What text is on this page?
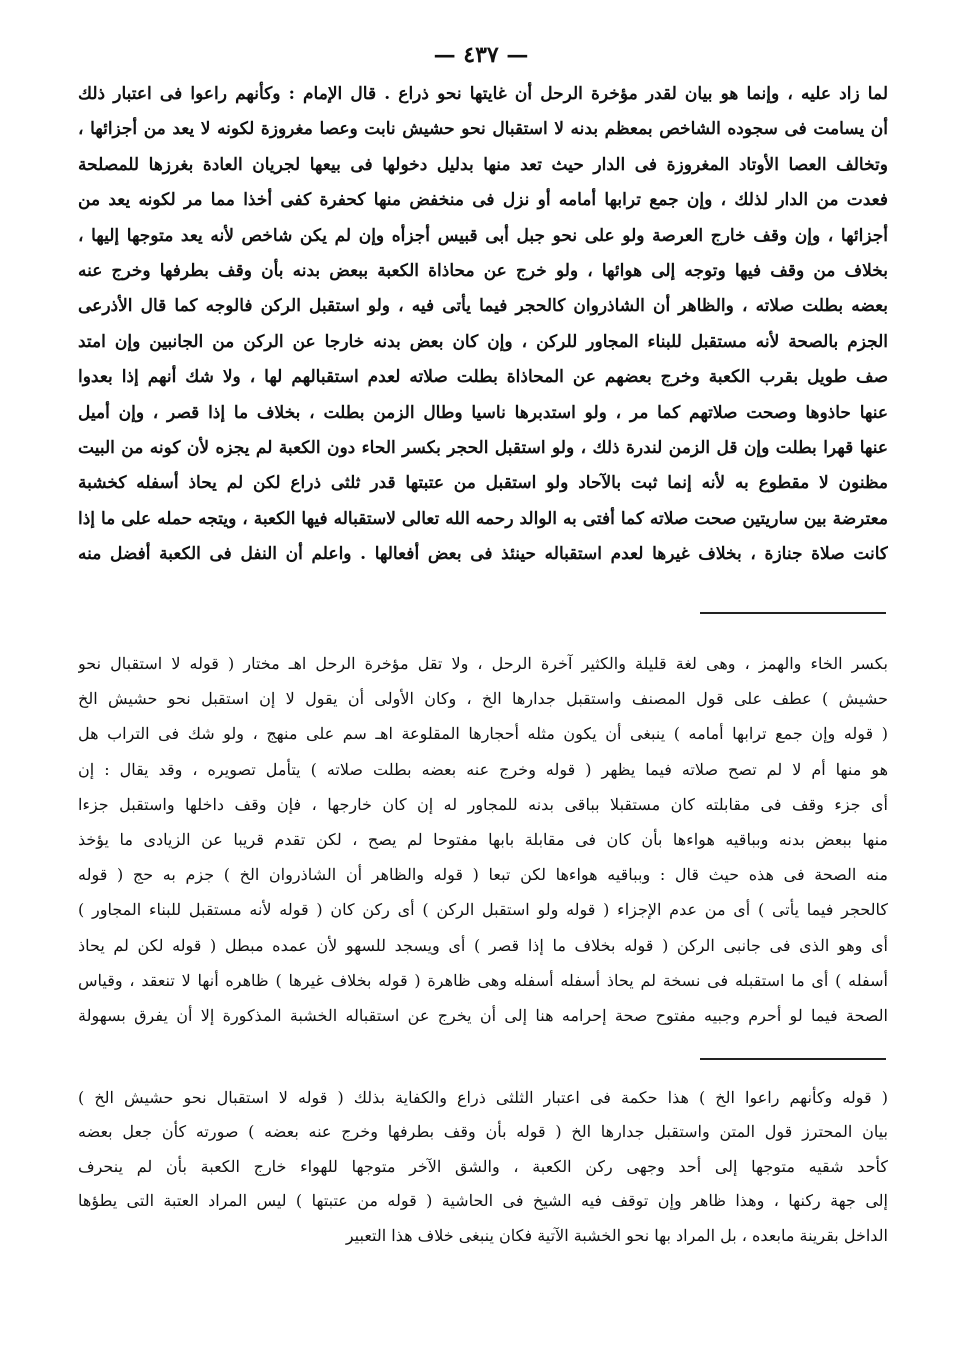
— ٤٣٧ —
لما زاد عليه ، وإنما هو بيان لقدر مؤخرة الرحل أن غايتها نحو ذراع . قال الإمام : وكأنهم راعوا فى اعتبار ذلك
أن يسامت فى سجوده الشاخص بمعظم بدنه لا استقبال نحو حشيش نابت وعصا مغروزة لكونه لا يعد من أجزائها ،
وتخالف العصا الأوتاد المغروزة فى الدار حيث تعد منها بدليل دخولها فى بيعها لجريان العادة بغرزها للمصلحة
فعدت من الدار لذلك ، وإن جمع ترابها أمامه أو نزل فى منخفض منها كحفرة كفى أخذا مما مر لكونه يعد من
أجزائها ، وإن وقف خارج العرصة ولو على نحو جبل أبى قبيس أجزأه وإن لم يكن شاخص لأنه يعد متوجها إليها ،
بخلاف من وقف فيها وتوجه إلى هوائها ، ولو خرج عن محاذاة الكعبة ببعض بدنه بأن وقف بطرفها وخرج عنه
بعضه بطلت صلاته ، والظاهر أن الشاذروان كالحجر فيما يأتى فيه ، ولو استقبل الركن فالوجه كما قال الأذرعى
الجزم بالصحة لأنه مستقبل للبناء المجاور للركن ، وإن كان بعض بدنه خارجا عن الركن من الجانبين وإن امتد
صف طويل بقرب الكعبة وخرج بعضهم عن المحاذاة بطلت صلاته لعدم استقبالهم لها ، ولا شك أنهم إذا بعدوا
عنها حاذوها وصحت صلاتهم كما مر ، ولو استدبرها ناسيا وطال الزمن بطلت ، بخلاف ما إذا قصر ، وإن أميل
عنها قهرا بطلت وإن قل الزمن لندرة ذلك ، ولو استقبل الحجر بكسر الحاء دون الكعبة لم يجزه لأن كونه من البيت
مظنون لا مقطوع به لأنه إنما ثبت بالآحاد ولو استقبل من عتبتها قدر ثلثى ذراع لكن لم يحاذ أسفله كخشبة
معترضة بين ساريتين صحت صلاته كما أفتى به الوالد رحمه الله تعالى لاستقباله فيها الكعبة ، ويتجه حمله على ما إذا
كانت صلاة جنازة ، بخلاف غيرها لعدم استقباله حينئذ فى بعض أفعالها . واعلم أن النفل فى الكعبة أفضل منه
بكسر الخاء والهمز ، وهى لغة قليلة والكثير آخرة الرحل ، ولا تقل مؤخرة الرحل اهـ مختار ( قوله لا استقبال نحو
حشيش ) عطف على قول المصنف واستقبل جدارها الخ ، وكان الأولى أن يقول لا إن استقبل نحو حشيش الخ
( قوله وإن جمع ترابها أمامه ) ينبغى أن يكون مثله أحجارها المقلوعة اهـ سم على منهج ، ولو شك فى التراب هل
هو منها أم لا لم تصح صلاته فيما يظهر ( قوله وخرج عنه بعضه بطلت صلاته ) يتأمل تصويره ، وقد يقال : إن
أى جزء وقف فى مقابلته كان مستقبلا بباقى بدنه للمجاور له إن كان خارجها ، فإن وقف داخلها واستقبل جزءا
منها ببعض بدنه وبباقيه هواءها بأن كان فى مقابلة بابها مفتوحا لم يصح ، لكن تقدم قريبا عن الزيادى ما يؤخذ
منه الصحة فى هذه حيث قال : وبباقيه هواءها لكن تبعا ( قوله والظاهر أن الشاذروان الخ ) جزم به حج ( قوله
كالحجر فيما يأتى ) أى من عدم الإجزاء ( قوله ولو استقبل الركن ) أى ركن كان ( قوله لأنه مستقبل للبناء المجاور )
أى وهو الذى فى جانبى الركن ( قوله بخلاف ما إذا قصر ) أى ويسجد للسهو لأن عمده مبطل ( قوله لكن لم يحاذ
أسفله ) أى ما استقبله فى نسخة لم يحاذ أسفله أسفله وهى ظاهرة ( قوله بخلاف غيرها ) ظاهره أنها لا تنعقد ، وقياس
الصحة فيما لو أحرم وجبيه مفتوح صحة إحرامه هنا إلى أن يخرج عن استقباله الخشبة المذكورة إلا أن يفرق بسهولة
( قوله وكأنهم راعوا الخ ) هذا حكمة فى اعتبار الثلثى ذراع والكفاية بذلك ( قوله لا استقبال نحو حشيش الخ )
بيان المحترز قول المتن واستقبل جدارها الخ ( قوله بأن وقف بطرفها وخرج عنه بعضه ) صورته كأن جعل بعضه
كأحد شقيه متوجها إلى أحد وجهى ركن الكعبة ، والشق الآخر متوجها للهواء خارج الكعبة بأن لم ينحرف
إلى جهة ركنها ، وهذا ظاهر وإن توقف فيه الشيخ فى الحاشية ( قوله من عتبتها ) ليس المراد العتبة التى يطؤها
الداخل بقرينة مابعده ، بل المراد بها نحو الخشبة الآتية فكان ينبغى خلاف هذا التعبير
